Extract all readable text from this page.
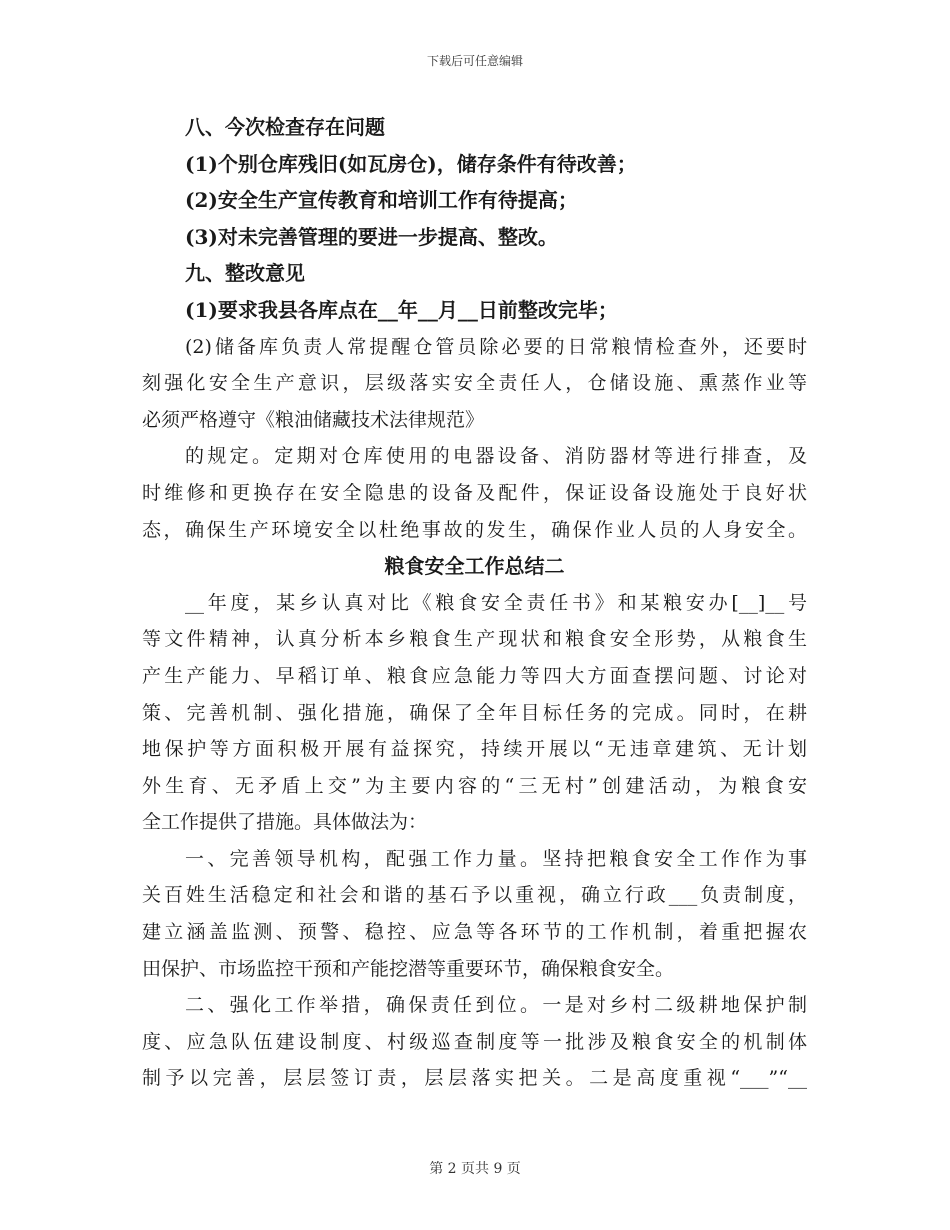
下载后可任意编辑
八、今次检查存在问题
(1)个别仓库残旧(如瓦房仓)，储存条件有待改善；
(2)安全生产宣传教育和培训工作有待提高；
(3)对未完善管理的要进一步提高、整改。
九、整改意见
(1)要求我县各库点在__年__月__日前整改完毕；
(2)储备库负责人常提醒仓管员除必要的日常粮情检查外，还要时
刻强化安全生产意识，层级落实安全责任人，仓储设施、熏蒸作业等
必须严格遵守《粮油储藏技术法律规范》
的规定。定期对仓库使用的电器设备、消防器材等进行排查，及
时维修和更换存在安全隐患的设备及配件，保证设备设施处于良好状
态，确保生产环境安全以杜绝事故的发生，确保作业人员的人身安全。
粮食安全工作总结二
__年度，某乡认真对比《粮食安全责任书》和某粮安办[__]__号
等文件精神，认真分析本乡粮食生产现状和粮食安全形势，从粮食生
产生产能力、早稻订单、粮食应急能力等四大方面查摆问题、讨论对
策、完善机制、强化措施，确保了全年目标任务的完成。同时，在耕
地保护等方面积极开展有益探究，持续开展以“无违章建筑、无计划
外生育、无矛盾上交”为主要内容的“三无村”创建活动，为粮食安
全工作提供了措施。具体做法为：
一、完善领导机构，配强工作力量。坚持把粮食安全工作作为事
关百姓生活稳定和社会和谐的基石予以重视，确立行政___负责制度，
建立涵盖监测、预警、稳控、应急等各环节的工作机制，着重把握农
田保护、市场监控干预和产能挖潜等重要环节，确保粮食安全。
二、强化工作举措，确保责任到位。一是对乡村二级耕地保护制
度、应急队伍建设制度、村级巡查制度等一批涉及粮食安全的机制体
制予以完善，层层签订责，层层落实把关。二是高度重视“___”“__
第 2 页共 9 页
